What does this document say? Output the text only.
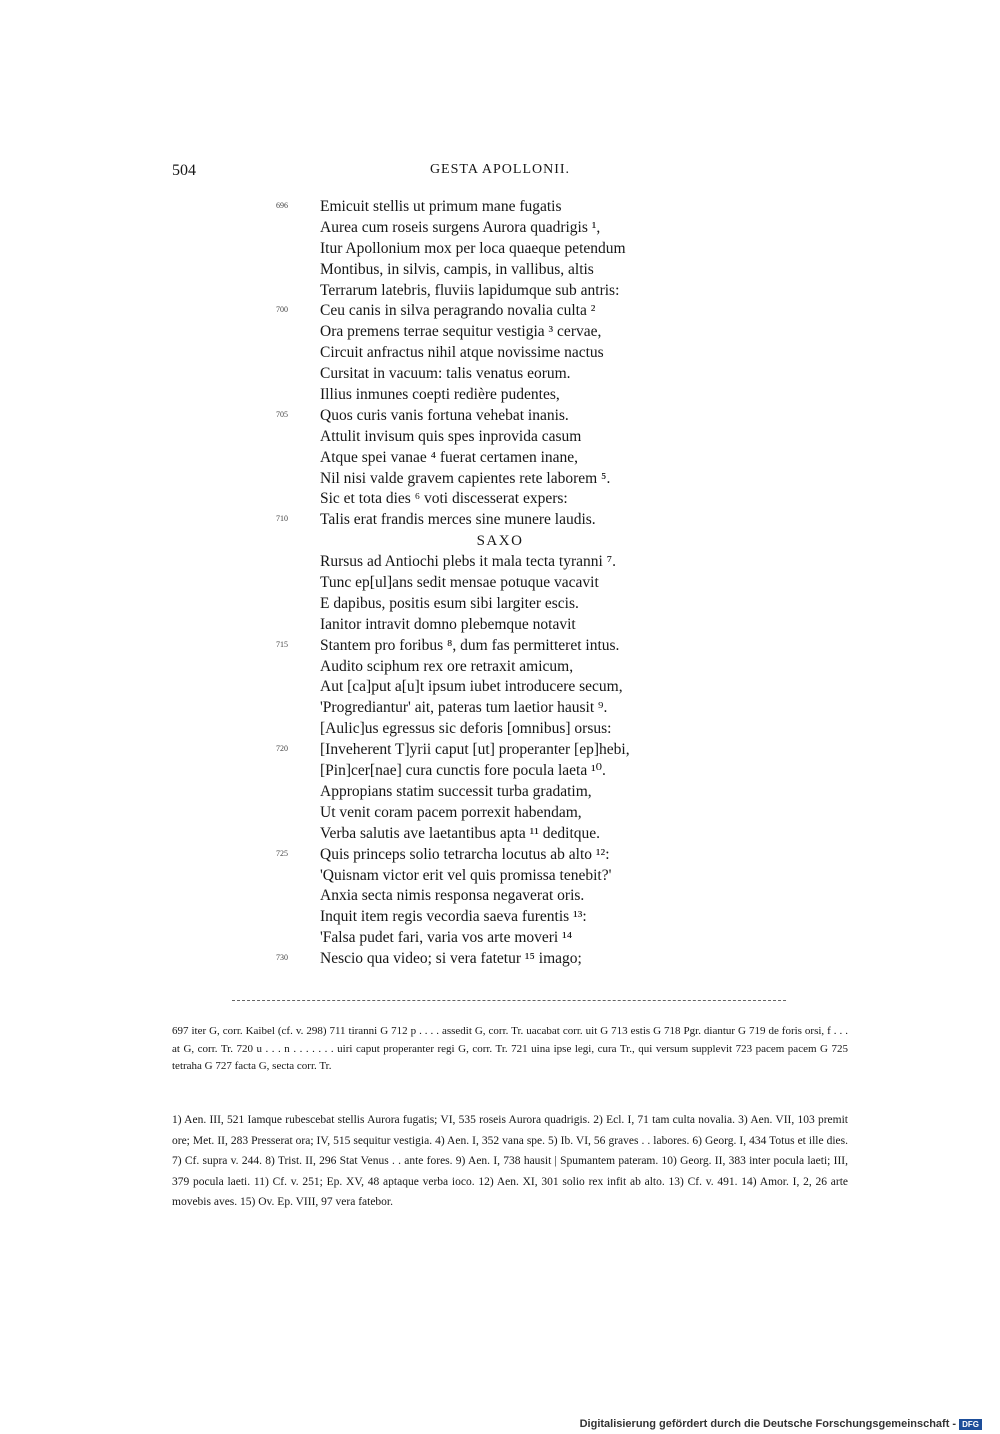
504	GESTA APOLLONII.
696 Emicuit stellis ut primum mane fugatis
Aurea cum roseis surgens Aurora quadrigis ¹,
Itur Apollonium mox per loca quaeque petendum
Montibus, in silvis, campis, in vallibus, altis
Terrarum latebris, fluviis lapidumque sub antris:
700 Ceu canis in silva peragrando novalia culta ²
Ora premens terrae sequitur vestigia ³ cervae,
Circuit anfractus nihil atque novissime nactus
Cursitat in vacuum: talis venatus eorum.
Illius inmunes coepti redière pudentes,
705 Quos curis vanis fortuna vehebat inanis.
Attulit invisum quis spes inprovida casum
Atque spei vanae ⁴ fuerat certamen inane,
Nil nisi valde gravem capientes rete laborem ⁵.
Sic et tota dies ⁶ voti discesserat expers:
710 Talis erat frandis merces sine munere laudis.
SAXO
Rursus ad Antiochi plebs it mala tecta tyranni ⁷.
Tunc ep[ul]ans sedit mensae potuque vacavit
E dapibus, positis esum sibi largiter escis.
Ianitor intravit domno plebemque notavit
715 Stantem pro foribus ⁸, dum fas permitteret intus.
Audito sciphum rex ore retraxit amicum,
Aut [ca]put a[u]t ipsum iubet introducere secum,
'Progrediantur' ait, pateras tum laetior hausit ⁹.
[Aulic]us egressus sic deforis [omnibus] orsus:
720 [Inveherent T]yrii caput [ut] properanter [ep]hebi,
[Pin]cer[nae] cura cunctis fore pocula laeta ¹⁰.
Appropians statim successit turba gradatim,
Ut venit coram pacem porrexit habendam,
Verba salutis ave laetantibus apta ¹¹ deditque.
725 Quis princeps solio tetrarcha locutus ab alto ¹²:
'Quisnam victor erit vel quis promissa tenebit?'
Anxia secta nimis responsa negaverat oris.
Inquit item regis vecordia saeva furentis ¹³:
'Falsa pudet fari, varia vos arte moveri ¹⁴
730 Nescio qua video; si vera fatetur ¹⁵ imago;
697 iter G, corr. Kaibel (cf. v. 298) 711 tiranni G 712 p . . . . assedit G, corr. Tr. uacabat corr. uit G 713 estis G 718 Pgr. diantur G 719 de foris orsi, f . . . at G, corr. Tr. 720 u . . . n . . . . . . . uiri caput properanter regi G, corr. Tr. 721 uina ipse legi, cura Tr., qui versum supplevit 723 pacem pacem G 725 tetraha G 727 facta G, secta corr. Tr.
1) Aen. III, 521 Iamque rubescebat stellis Aurora fugatis; VI, 535 roseis Aurora quadrigis. 2) Ecl. I, 71 tam culta novalia. 3) Aen. VII, 103 premit ore; Met. II, 283 Presserat ora; IV, 515 sequitur vestigia. 4) Aen. I, 352 vana spe. 5) Ib. VI, 56 graves . . labores. 6) Georg. I, 434 Totus et ille dies. 7) Cf. supra v. 244. 8) Trist. II, 296 Stat Venus . . ante fores. 9) Aen. I, 738 hausit | Spumantem pateram. 10) Georg. II, 383 inter pocula laeti; III, 379 pocula laeti. 11) Cf. v. 251; Ep. XV, 48 aptaque verba ioco. 12) Aen. XI, 301 solio rex infit ab alto. 13) Cf. v. 491. 14) Amor. I, 2, 26 arte movebis aves. 15) Ov. Ep. VIII, 97 vera fatebor.
Digitalisierung gefördert durch die Deutsche Forschungsgemeinschaft - DFG
